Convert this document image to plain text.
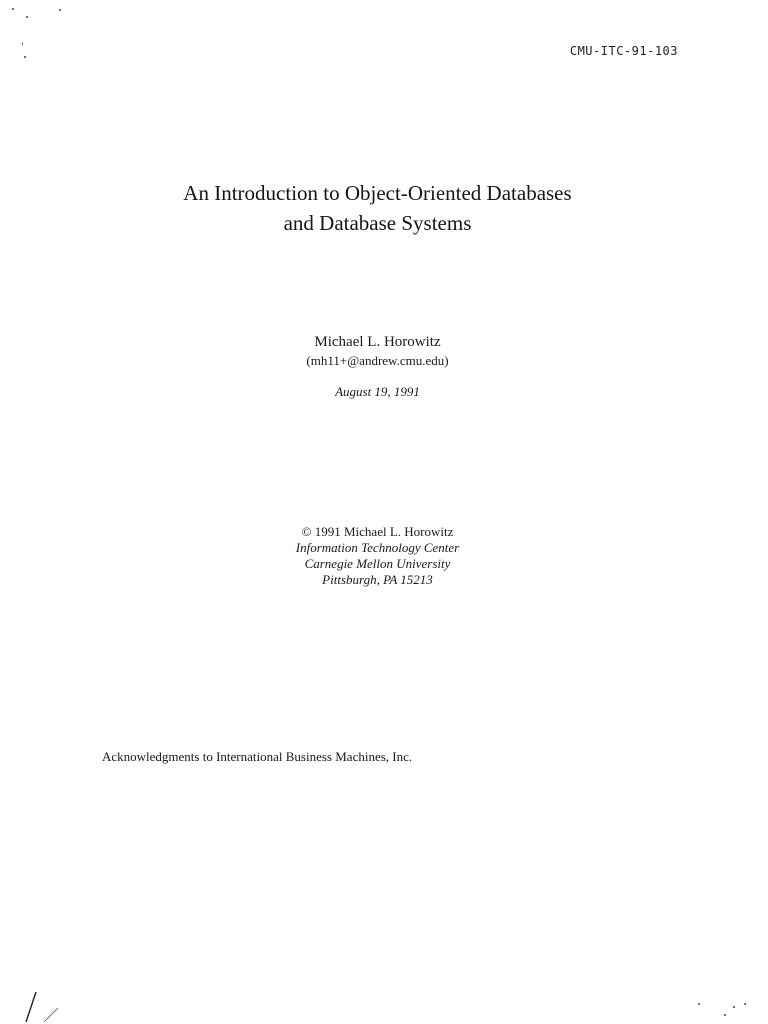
CMU-ITC-91-103
An Introduction to Object-Oriented Databases
and Database Systems
Michael L. Horowitz
(mh11+@andrew.cmu.edu)
August 19, 1991
© 1991 Michael L. Horowitz
Information Technology Center
Carnegie Mellon University
Pittsburgh, PA 15213
Acknowledgments to International Business Machines, Inc.
